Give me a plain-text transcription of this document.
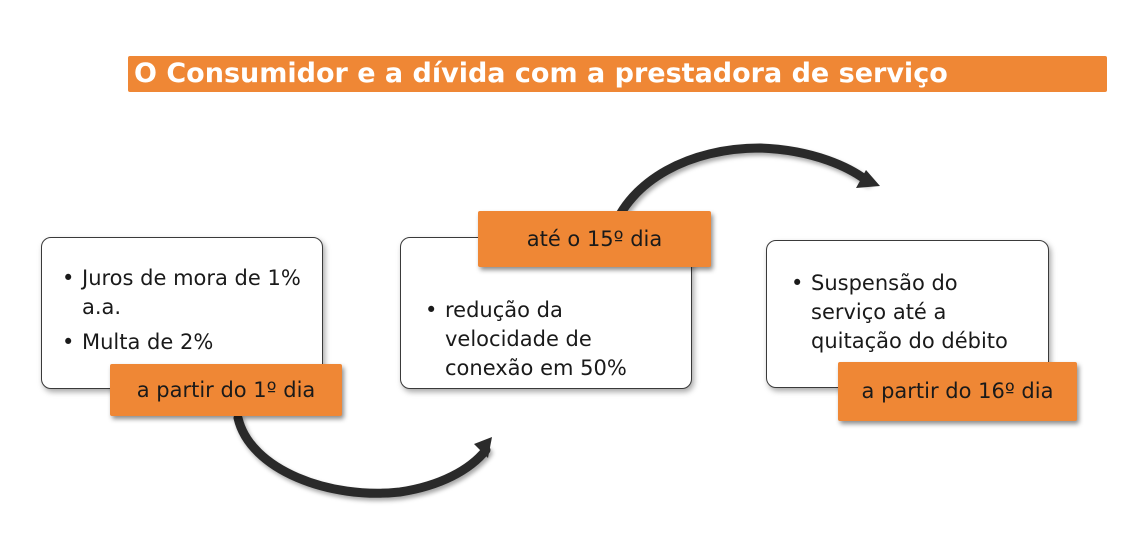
O Consumidor e a dívida com a prestadora de serviço
• Juros de mora de 1% a.a.
• Multa de 2%
a partir do 1º dia
• redução da velocidade de conexão em 50%
até o 15º dia
• Suspensão do serviço até a quitação do débito
a partir do 16º dia
